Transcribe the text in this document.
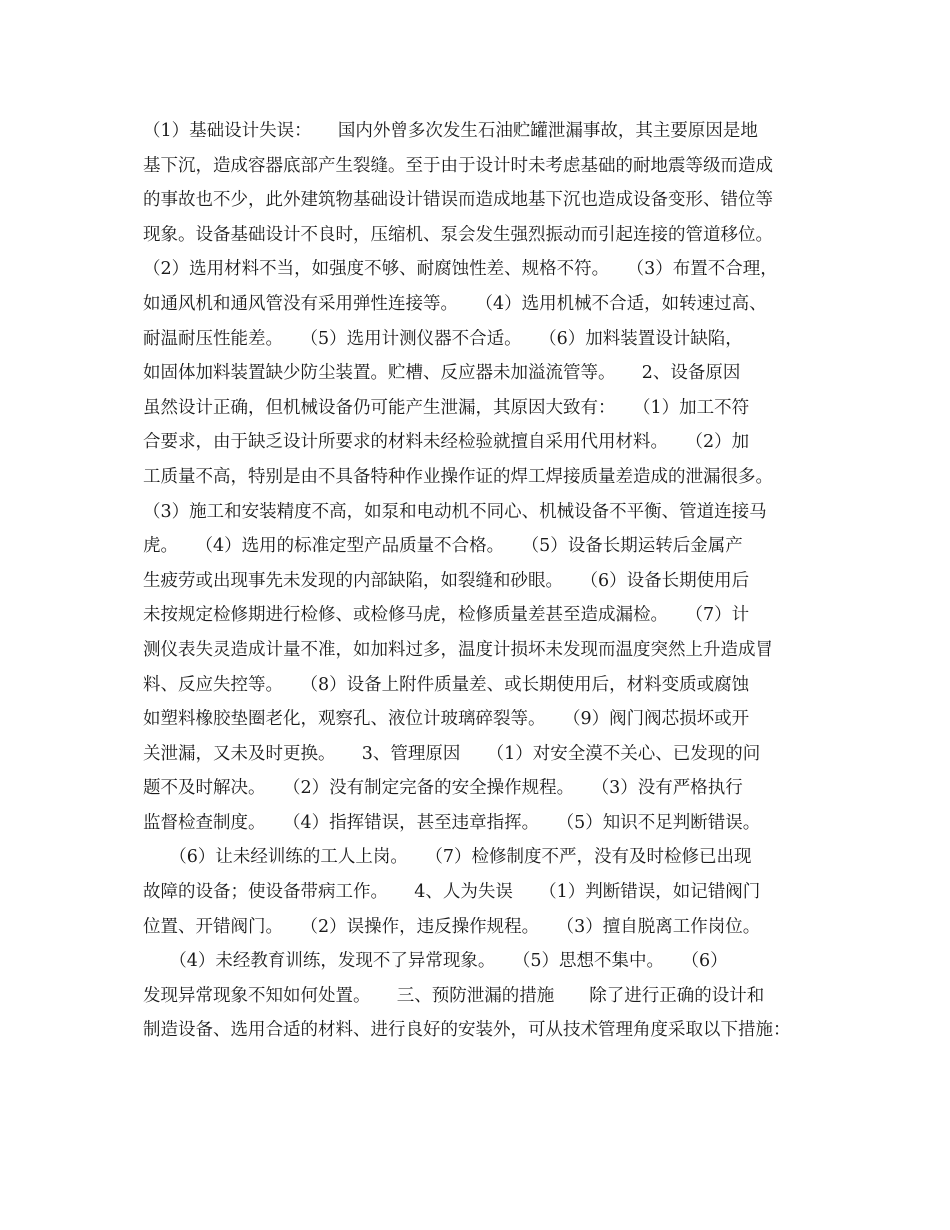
（1）基础设计失误：　　国内外曾多次发生石油贮罐泄漏事故，其主要原因是地
基下沉，造成容器底部产生裂缝。至于由于设计时未考虑基础的耐地震等级而造成
的事故也不少，此外建筑物基础设计错误而造成地基下沉也造成设备变形、错位等
现象。设备基础设计不良时，压缩机、泵会发生强烈振动而引起连接的管道移位。
（2）选用材料不当，如强度不够、耐腐蚀性差、规格不符。　　（3）布置不合理，
如通风机和通风管没有采用弹性连接等。　　（4）选用机械不合适，如转速过高、
耐温耐压性能差。　　（5）选用计测仪器不合适。　　（6）加料装置设计缺陷，
如固体加料装置缺少防尘装置。贮槽、反应器未加溢流管等。　　2、设备原因
虽然设计正确，但机械设备仍可能产生泄漏，其原因大致有：　　（1）加工不符
合要求，由于缺乏设计所要求的材料未经检验就擅自采用代用材料。　　（2）加
工质量不高，特别是由不具备特种作业操作证的焊工焊接质量差造成的泄漏很多。
（3）施工和安装精度不高，如泵和电动机不同心、机械设备不平衡、管道连接马
虎。　　（4）选用的标准定型产品质量不合格。　　（5）设备长期运转后金属产
生疲劳或出现事先未发现的内部缺陷，如裂缝和砂眼。　　（6）设备长期使用后
未按规定检修期进行检修、或检修马虎，检修质量差甚至造成漏检。　　（7）计
测仪表失灵造成计量不准，如加料过多，温度计损坏未发现而温度突然上升造成冒
料、反应失控等。　　（8）设备上附件质量差、或长期使用后，材料变质或腐蚀
如塑料橡胶垫圈老化，观察孔、液位计玻璃碎裂等。　　（9）阀门阀芯损坏或开
关泄漏，又未及时更换。　　3、管理原因　　（1）对安全漠不关心、已发现的问
题不及时解决。　　（2）没有制定完备的安全操作规程。　　（3）没有严格执行
监督检查制度。　　（4）指挥错误，甚至违章指挥。　　（5）知识不足判断错误。
　　（6）让未经训练的工人上岗。　　（7）检修制度不严，没有及时检修已出现
故障的设备；使设备带病工作。　　4、人为失误　　（1）判断错误，如记错阀门
位置、开错阀门。　　（2）误操作，违反操作规程。　　（3）擅自脱离工作岗位。
　　（4）未经教育训练，发现不了异常现象。　　（5）思想不集中。　　（6）
发现异常现象不知如何处置。　　三、预防泄漏的措施　　除了进行正确的设计和
制造设备、选用合适的材料、进行良好的安装外，可从技术管理角度采取以下措施：
